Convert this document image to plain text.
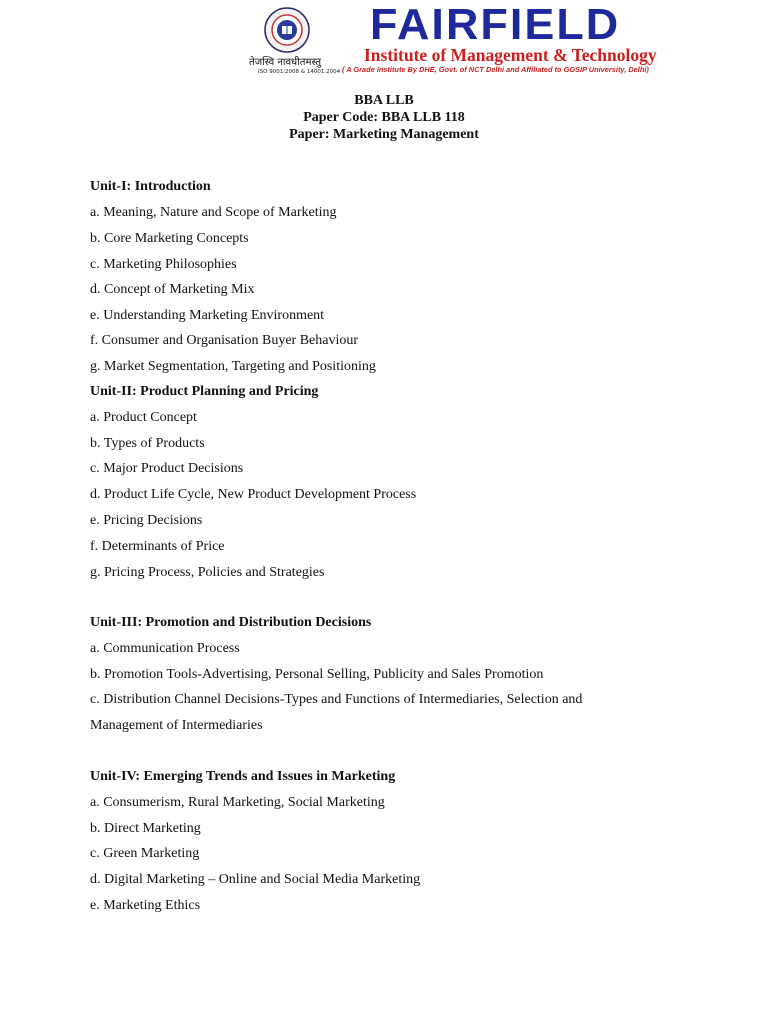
तेजस्वि नावधीतमस्तु
ISO 9001:2008 & 14001:2004
FAIRFIELD
Institute of Management & Technology
( A Grade Institute By DHE, Govt. of NCT Delhi and Affiliated to GGSIP University, Delhi)
BBA LLB
Paper Code: BBA LLB 118
Paper: Marketing Management
Unit-I: Introduction
a. Meaning, Nature and Scope of Marketing
b. Core Marketing Concepts
c. Marketing Philosophies
d. Concept of Marketing Mix
e. Understanding Marketing Environment
f. Consumer and Organisation Buyer Behaviour
g. Market Segmentation, Targeting and Positioning
Unit-II: Product Planning and Pricing
a. Product Concept
b. Types of Products
c. Major Product Decisions
d. Product Life Cycle, New Product Development Process
e. Pricing Decisions
f. Determinants of Price
g. Pricing Process, Policies and Strategies
Unit-III: Promotion and Distribution Decisions
a. Communication Process
b. Promotion Tools-Advertising, Personal Selling, Publicity and Sales Promotion
c. Distribution Channel Decisions-Types and Functions of Intermediaries, Selection and
Management of Intermediaries
Unit-IV: Emerging Trends and Issues in Marketing
a. Consumerism, Rural Marketing, Social Marketing
b. Direct Marketing
c. Green Marketing
d. Digital Marketing – Online and Social Media Marketing
e. Marketing Ethics
